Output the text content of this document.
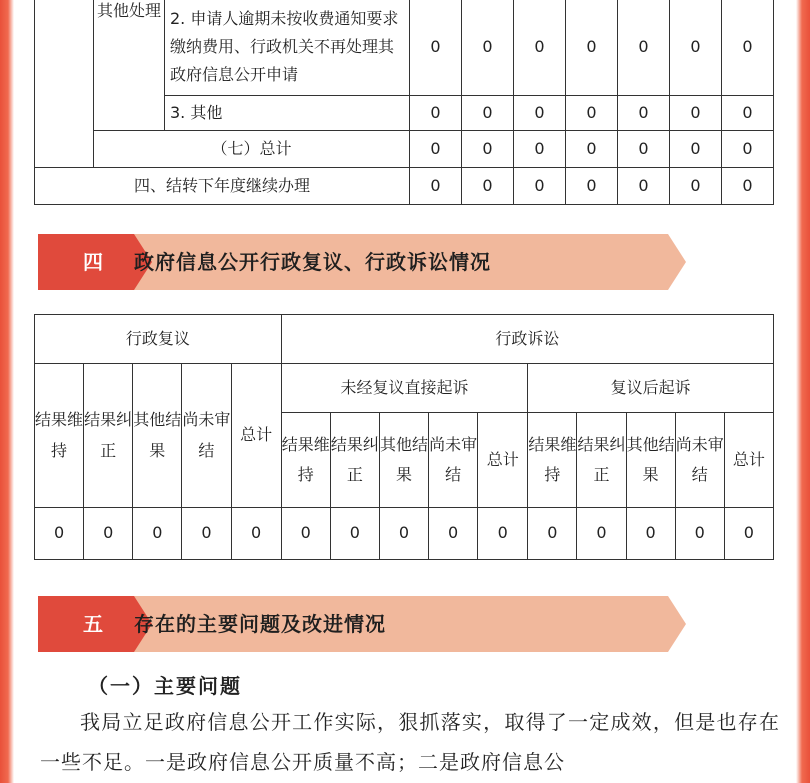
	其他处理	2. 申请人逾期未按收费通知要求缴纳费用、行政机关不再处理其政府信息公开申请	0	0	0	0	0	0	0
		3. 其他	0	0	0	0	0	0	0
	（七）总计		0	0	0	0	0	0	0
四、结转下年度继续办理			0	0	0	0	0	0	0
四	政府信息公开行政复议、行政诉讼情况
行政复议					行政诉讼									
结果维持	结果纠正	其他结果	尚未审结	总计	未经复议直接起诉					复议后起诉				
					结果维持	结果纠正	其他结果	尚未审结	总计	结果维持	结果纠正	其他结果	尚未审结	总计
0	0	0	0	0	0	0	0	0	0	0	0	0	0	0
五	存在的主要问题及改进情况
（一）主要问题
我局立足政府信息公开工作实际，狠抓落实，取得了一定成效，但是也存在一些不足。一是政府信息公开质量不高；二是政府信息公
